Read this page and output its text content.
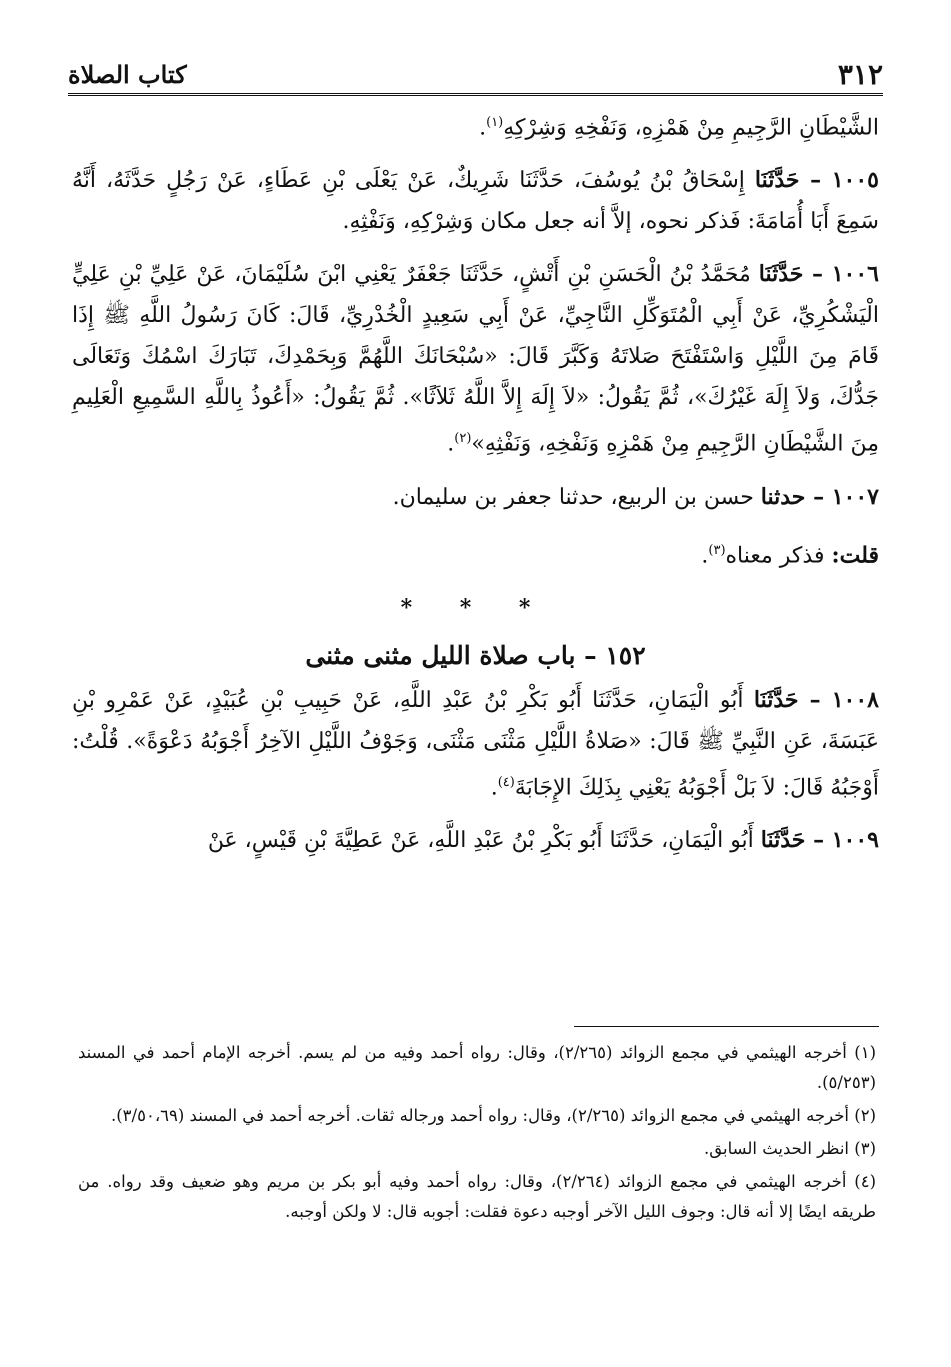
٣١٢
كتاب الصلاة

الشَّيْطَانِ الرَّجِيمِ مِنْ هَمْزِهِ، وَنَفْخِهِ وَشِرْكِهِ$^{(١)}$.

١٠٠٥ – حَدَّثَنَا إِسْحَاقُ بْنُ يُوسُفَ، حَدَّثَنَا شَرِيكٌ، عَنْ يَعْلَى بْنِ عَطَاءٍ، عَنْ رَجُلٍ حَدَّثَهُ، أَنَّهُ سَمِعَ أَبَا أُمَامَةَ: فَذكر نحوه، إلاَّ أنه جعل مكان وَشِرْكِهِ، وَنَفْثِهِ.

١٠٠٦ – حَدَّثَنَا مُحَمَّدُ بْنُ الْحَسَنِ بْنِ أَتْشٍ، حَدَّثَنَا جَعْفَرٌ يَعْنِي ابْنَ سُلَيْمَانَ، عَنْ عَلِيِّ بْنِ عَلِيٍّ الْيَشْكُرِيِّ، عَنْ أَبِي الْمُتَوَكِّلِ النَّاجِيِّ، عَنْ أَبِي سَعِيدٍ الْخُدْرِيِّ، قَالَ: كَانَ رَسُولُ اللَّهِ ﷺ إِذَا قَامَ مِنَ اللَّيْلِ وَاسْتَفْتَحَ صَلاتَهُ وَكَبَّرَ قَالَ: «سُبْحَانَكَ اللَّهُمَّ وَبِحَمْدِكَ، تَبَارَكَ اسْمُكَ وَتَعَالَى جَدُّكَ، وَلاَ إِلَهَ غَيْرُكَ»، ثُمَّ يَقُولُ: «لاَ إِلَهَ إِلاَّ اللَّهُ ثَلاَثًا». ثُمَّ يَقُولُ: «أَعُوذُ بِاللَّهِ السَّمِيعِ الْعَلِيمِ مِنَ الشَّيْطَانِ الرَّجِيمِ مِنْ هَمْزِهِ وَنَفْخِهِ، وَنَفْثِهِ»$^{(٢)}$.

١٠٠٧ – حدثنا حسن بن الربيع، حدثنا جعفر بن سليمان.

قلت: فذكر معناه$^{(٣)}$.

* * *
١٥٢ – باب صلاة الليل مثنى مثنى

١٠٠٨ – حَدَّثَنَا أَبُو الْيَمَانِ، حَدَّثَنَا أَبُو بَكْرِ بْنُ عَبْدِ اللَّهِ، عَنْ حَبِيبِ بْنِ عُبَيْدٍ، عَنْ عَمْرِو بْنِ عَبَسَةَ، عَنِ النَّبِيِّ ﷺ قَالَ: «صَلاةُ اللَّيْلِ مَثْنَى مَثْنَى، وَجَوْفُ اللَّيْلِ الآخِرُ أَجْوَبُهُ دَعْوَةً». قُلْتُ: أَوْجَبُهُ قَالَ: لاَ بَلْ أَجْوَبُهُ يَعْنِي بِذَلِكَ الإِجَابَةَ$^{(٤)}$.

١٠٠٩ – حَدَّثَنَا أَبُو الْيَمَانِ، حَدَّثَنَا أَبُو بَكْرِ بْنُ عَبْدِ اللَّهِ، عَنْ عَطِيَّةَ بْنِ قَيْسٍ، عَنْ

(١) أخرجه الهيثمي في مجمع الزوائد (٢/٢٦٥)، وقال: رواه أحمد وفيه من لم يسم. أخرجه الإمام أحمد في المسند (٥/٢٥٣).

(٢) أخرجه الهيثمي في مجمع الزوائد (٢/٢٦٥)، وقال: رواه أحمد ورجاله ثقات. أخرجه أحمد في المسند (٣/٥٠،٦٩).

(٣) انظر الحديث السابق.

(٤) أخرجه الهيثمي في مجمع الزوائد (٢/٢٦٤)، وقال: رواه أحمد وفيه أبو بكر بن مريم وهو ضعيف وقد رواه. من طريقه ايضًا إلا أنه قال: وجوف الليل الآخر أوجبه دعوة فقلت: أجوبه قال: لا ولكن أوجبه.
